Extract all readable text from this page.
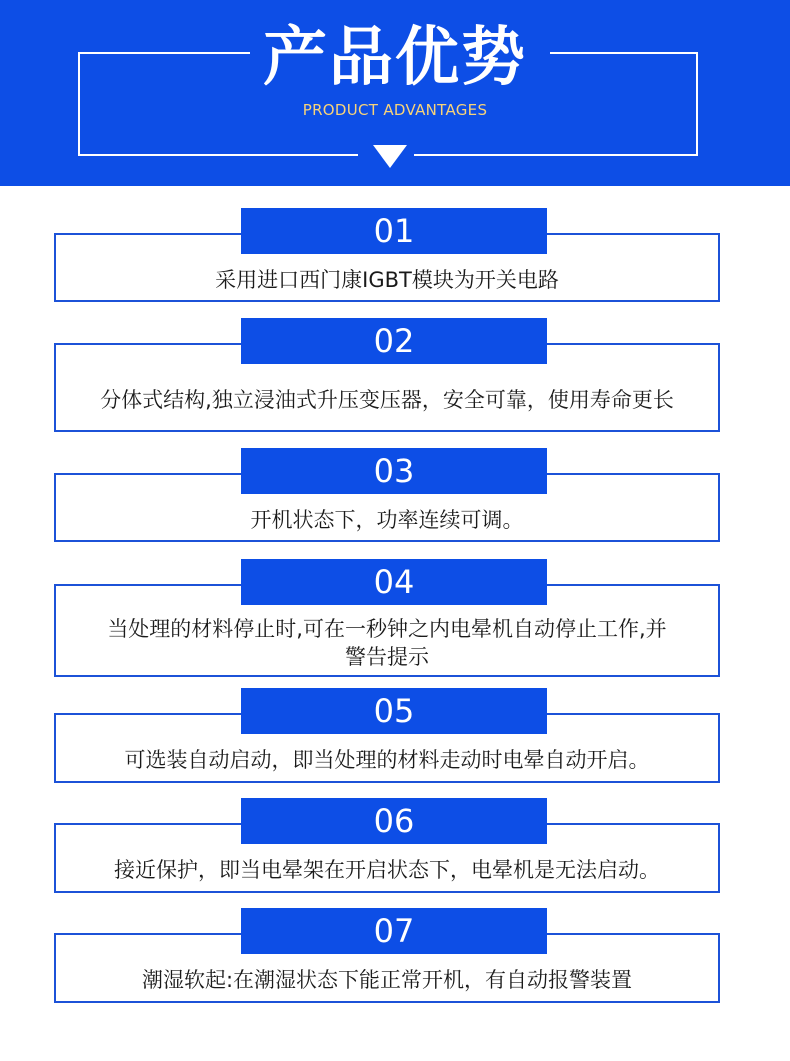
产品优势
PRODUCT ADVANTAGES
采用进口西门康IGBT模块为开关电路
01
分体式结构,独立浸油式升压变压器，安全可靠，使用寿命更长
02
开机状态下，功率连续可调。
03
当处理的材料停止时,可在一秒钟之内电晕机自动停止工作,并警告提示
04
可选装自动启动，即当处理的材料走动时电晕自动开启。
05
接近保护，即当电晕架在开启状态下，电晕机是无法启动。
06
潮湿软起:在潮湿状态下能正常开机，有自动报警装置
07
